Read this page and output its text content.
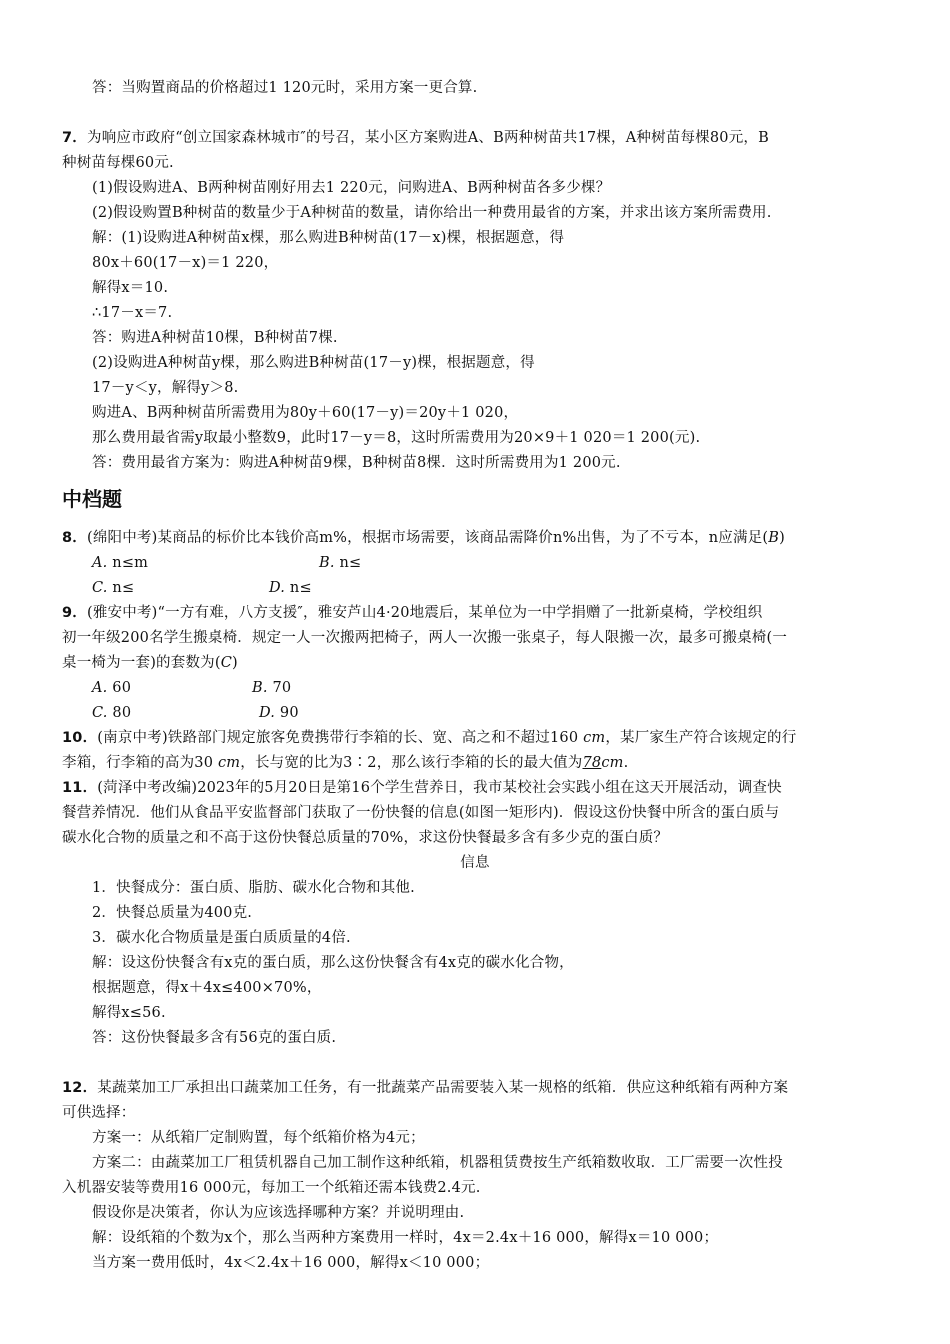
答：当购置商品的价格超过1 120元时，采用方案一更合算.
7．为响应市政府“创立国家森林城市″的号召，某小区方案购进A、B两种树苗共17棵，A种树苗每棵80元，B
种树苗每棵60元.
(1)假设购进A、B两种树苗刚好用去1 220元，问购进A、B两种树苗各多少棵？
(2)假设购置B种树苗的数量少于A种树苗的数量，请你给出一种费用最省的方案，并求出该方案所需费用.
解：(1)设购进A种树苗x棵，那么购进B种树苗(17－x)棵，根据题意，得
80x＋60(17－x)＝1 220，
解得x＝10.
∴17－x＝7.
答：购进A种树苗10棵，B种树苗7棵.
(2)设购进A种树苗y棵，那么购进B种树苗(17－y)棵，根据题意，得
17－y＜y，解得y＞8.
购进A、B两种树苗所需费用为80y＋60(17－y)＝20y＋1 020，
那么费用最省需y取最小整数9，此时17－y＝8，这时所需费用为20×9＋1 020＝1 200(元).
答：费用最省方案为：购进A种树苗9棵，B种树苗8棵．这时所需费用为1 200元.
中档题
8．(绵阳中考)某商品的标价比本钱价高m%，根据市场需要，该商品需降价n%出售，为了不亏本，n应满足(B)
A. n≤m	B. n≤
C. n≤	D. n≤
9．(雅安中考)“一方有难，八方支援″，雅安芦山4·20地震后，某单位为一中学捐赠了一批新桌椅，学校组织
初一年级200名学生搬桌椅．规定一人一次搬两把椅子，两人一次搬一张桌子，每人限搬一次，最多可搬桌椅(一
桌一椅为一套)的套数为(C)
A. 60	B. 70
C. 80	D. 90
10．(南京中考)铁路部门规定旅客免费携带行李箱的长、宽、高之和不超过160 cm，某厂家生产符合该规定的行
李箱，行李箱的高为30 cm，长与宽的比为3∶2，那么该行李箱的长的最大值为78cm.
11．(菏泽中考改编)2023年的5月20日是第16个学生营养日，我市某校社会实践小组在这天开展活动，调查快
餐营养情况．他们从食品平安监督部门获取了一份快餐的信息(如图一矩形内)．假设这份快餐中所含的蛋白质与
碳水化合物的质量之和不高于这份快餐总质量的70%，求这份快餐最多含有多少克的蛋白质？
信息
1．快餐成分：蛋白质、脂肪、碳水化合物和其他.
2．快餐总质量为400克.
3．碳水化合物质量是蛋白质质量的4倍.
解：设这份快餐含有x克的蛋白质，那么这份快餐含有4x克的碳水化合物，
根据题意，得x＋4x≤400×70%，
解得x≤56.
答：这份快餐最多含有56克的蛋白质.
12．某蔬菜加工厂承担出口蔬菜加工任务，有一批蔬菜产品需要装入某一规格的纸箱．供应这种纸箱有两种方案
可供选择：
方案一：从纸箱厂定制购置，每个纸箱价格为4元；
方案二：由蔬菜加工厂租赁机器自己加工制作这种纸箱，机器租赁费按生产纸箱数收取．工厂需要一次性投
入机器安装等费用16 000元，每加工一个纸箱还需本钱费2.4元.
假设你是决策者，你认为应该选择哪种方案？并说明理由.
解：设纸箱的个数为x个，那么当两种方案费用一样时，4x＝2.4x＋16 000，解得x＝10 000；
当方案一费用低时，4x＜2.4x＋16 000，解得x＜10 000；
